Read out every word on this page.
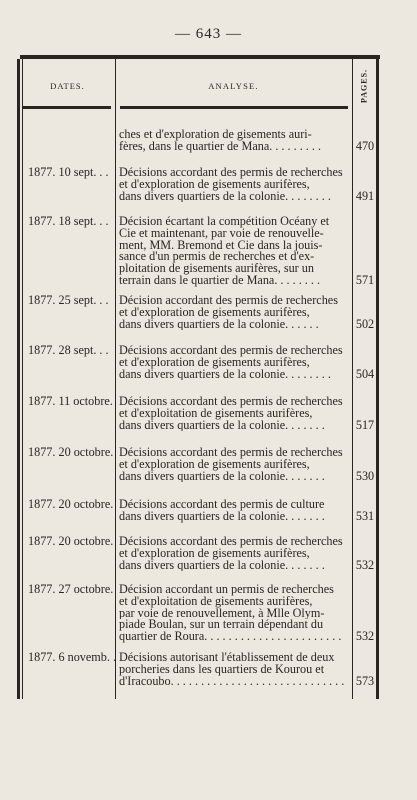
— 643 —
DATES.	ANALYSE.	PAGES.
ches et d'exploration de gisements auri-
fères, dans le quartier de Mana. . . . . . . . .	470
1877. 10 sept. . . Décisions accordant des permis de recherches
et d'exploration de gisements aurifères,
dans divers quartiers de la colonie. . . . . . . .	491
1877. 18 sept. . . Décision écartant la compétition Océany et
Cie et maintenant, par voie de renouvelle-
ment, MM. Bremond et Cie dans la jouis-
sance d'un permis de recherches et d'ex-
ploitation de gisements aurifères, sur un
terrain dans le quartier de Mana. . . . . . . .	571
1877. 25 sept. . . Décision accordant des permis de recherches
et d'exploration de gisements aurifères,
dans divers quartiers de la colonie. . . . . .	502
1877. 28 sept. . . Décisions accordant des permis de recherches
et d'exploration de gisements aurifères,
dans divers quartiers de la colonie. . . . . . . .	504
1877. 11 octobre. Décisions accordant des permis de recherches
et d'exploitation de gisements aurifères,
dans divers quartiers de la colonie. . . . . . .	517
1877. 20 octobre. Décisions accordant des permis de recherches
et d'exploration de gisements aurifères,
dans divers quartiers de la colonie. . . . . . .	530
1877. 20 octobre. Décisions accordant des permis de culture
dans divers quartiers de la colonie. . . . . . .	531
1877. 20 octobre. Décisions accordant des permis de recherches
et d'exploration de gisements aurifères,
dans divers quartiers de la colonie. . . . . . .	532
1877. 27 octobre. Décision accordant un permis de recherches
et d'exploitation de gisements aurifères,
par voie de renouvellement, à Mlle Olym-
piade Boulan, sur un terrain dépendant du
quartier de Roura. . . . . . . . . . . . . . . . . . . . . . .	532
1877. 6 novemb. . Décisions autorisant l'établissement de deux
porcheries dans les quartiers de Kourou et
d'Iracoubo. . . . . . . . . . . . . . . . . . . . . . . . . . . . . 573
